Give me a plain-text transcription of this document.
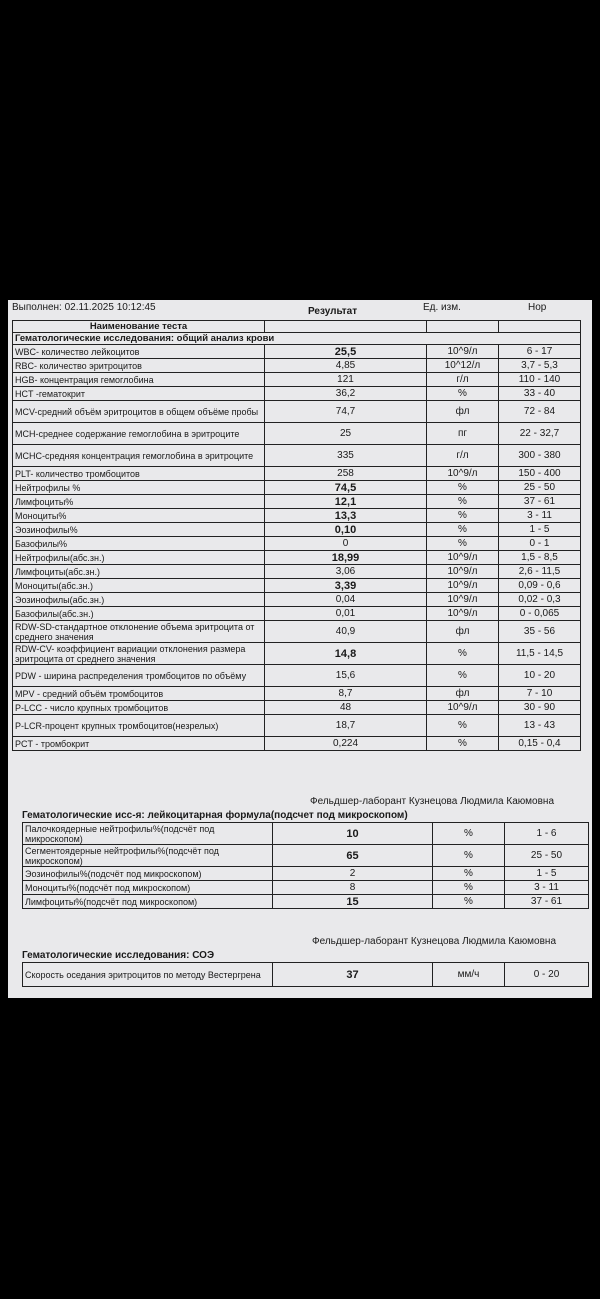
Выполнен: 02.11.2025 10:12:45	Результат	Ед. изм.	Нор
Наименование теста			
Гематологические исследования: общий анализ крови			
WBC- количество лейкоцитов	25,5	10^9/л	6 - 17
RBC- количество эритроцитов	4,85	10^12/л	3,7 - 5,3
HGB- концентрация гемоглобина	121	г/л	110 - 140
HCT -гематокрит	36,2	%	33 - 40
MCV-средний объём эритроцитов в общем объёме пробы	74,7	фл	72 - 84
MCH-среднее содержание гемоглобина в эритроците	25	пг	22 - 32,7
MCHC-средняя концентрация гемоглобина в эритроците	335	г/л	300 - 380
PLT- количество тромбоцитов	258	10^9/л	150 - 400
Нейтрофилы %	74,5	%	25 - 50
Лимфоциты%	12,1	%	37 - 61
Моноциты%	13,3	%	3 - 11
Эозинофилы%	0,10	%	1 - 5
Базофилы%	0	%	0 - 1
Нейтрофилы(абс.зн.)	18,99	10^9/л	1,5 - 8,5
Лимфоциты(абс.зн.)	3,06	10^9/л	2,6 - 11,5
Моноциты(абс.зн.)	3,39	10^9/л	0,09 - 0,6
Эозинофилы(абс.зн.)	0,04	10^9/л	0,02 - 0,3
Базофилы(абс.зн.)	0,01	10^9/л	0 - 0,065
RDW-SD-стандартное отклонение объема эритроцита от среднего значения	40,9	фл	35 - 56
RDW-CV- коэффициент вариации отклонения размера эритроцита от среднего значения	14,8	%	11,5 - 14,5
PDW - ширина распределения тромбоцитов по объёму	15,6	%	10 - 20
MPV - средний объём тромбоцитов	8,7	фл	7 - 10
P-LCC - число крупных тромбоцитов	48	10^9/л	30 - 90
P-LCR-процент крупных тромбоцитов(незрелых)	18,7	%	13 - 43
PCT - тромбокрит	0,224	%	0,15 - 0,4
Фельдшер-лаборант Кузнецова Людмила Каюмовна
Гематологические исс-я: лейкоцитарная формула(подсчет под микроскопом)
Палочкоядерные нейтрофилы%(подсчёт под микроскопом)	10	%	1 - 6
Сегментоядерные нейтрофилы%(подсчёт под микроскопом)	65	%	25 - 50
Эозинофилы%(подсчёт под микроскопом)	2	%	1 - 5
Моноциты%(подсчёт под микроскопом)	8	%	3 - 11
Лимфоциты%(подсчёт под микроскопом)	15	%	37 - 61
Фельдшер-лаборант Кузнецова Людмила Каюмовна
Гематологические исследования: СОЭ
Скорость оседания эритроцитов по методу Вестергрена	37	мм/ч	0 - 20
